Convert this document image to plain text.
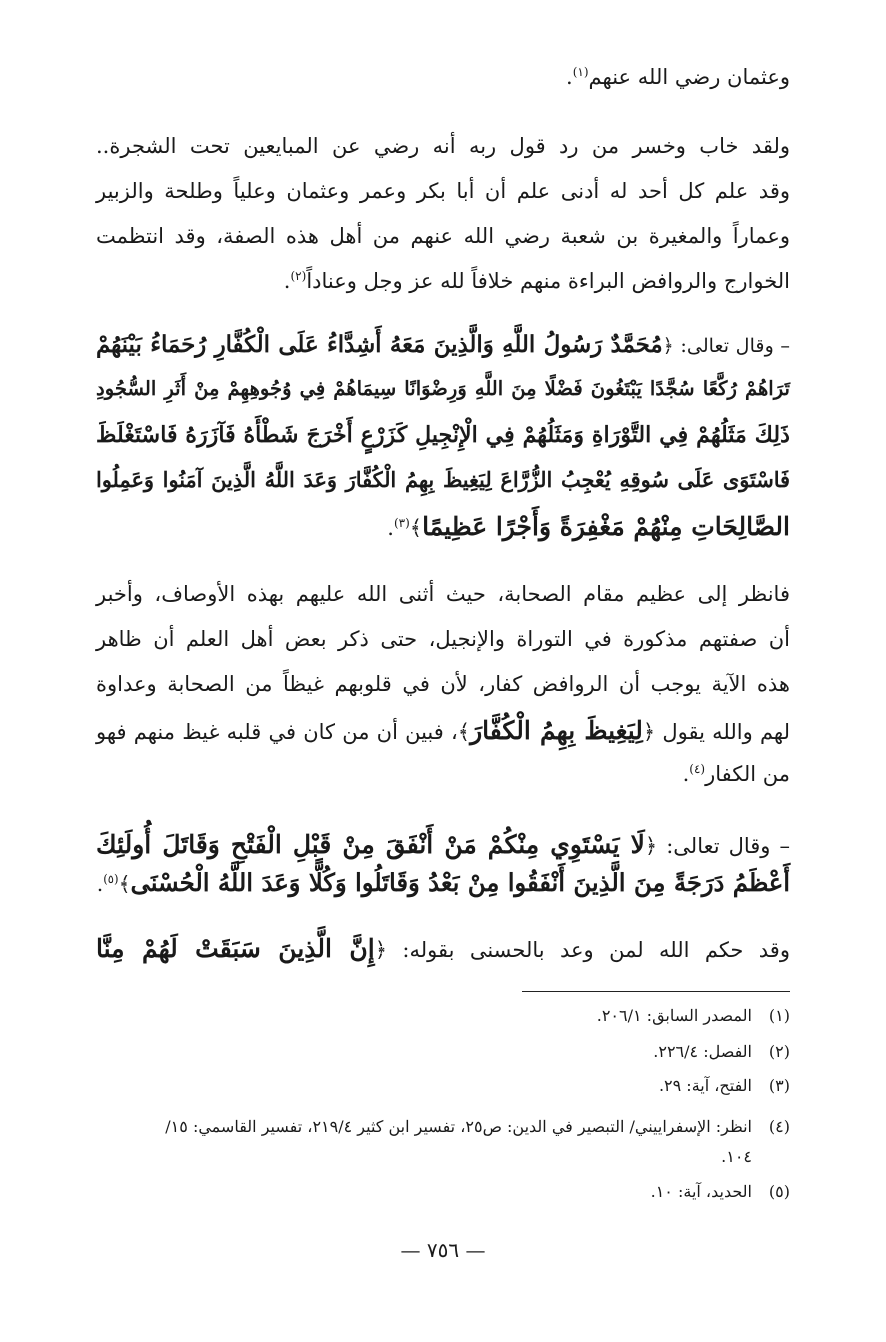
وعثمان رضي الله عنهم$^{(١)}$.
ولقد خاب وخسر من رد قول ربه أنه رضي عن المبايعين تحت الشجرة..
وقد علم كل أحد له أدنى علم أن أبا بكر وعمر وعثمان وعلياً وطلحة والزبير
وعماراً والمغيرة بن شعبة رضي الله عنهم من أهل هذه الصفة، وقد انتظمت
الخوارج والروافض البراءة منهم خلافاً لله عز وجل وعناداً$^{(٢)}$.
– وقال تعالى: ﴿مُحَمَّدٌ رَسُولُ اللَّهِ وَالَّذِينَ مَعَهُ أَشِدَّاءُ عَلَى الْكُفَّارِ رُحَمَاءُ بَيْنَهُمْ
تَرَاهُمْ رُكَّعًا سُجَّدًا يَبْتَغُونَ فَضْلًا مِنَ اللَّهِ وَرِضْوَانًا سِيمَاهُمْ فِي وُجُوهِهِمْ مِنْ أَثَرِ السُّجُودِ
ذَلِكَ مَثَلُهُمْ فِي التَّوْرَاةِ وَمَثَلُهُمْ فِي الْإِنْجِيلِ كَزَرْعٍ أَخْرَجَ شَطْأَهُ فَآزَرَهُ فَاسْتَغْلَظَ
فَاسْتَوَى عَلَى سُوقِهِ يُعْجِبُ الزُّرَّاعَ لِيَغِيظَ بِهِمُ الْكُفَّارَ وَعَدَ اللَّهُ الَّذِينَ آمَنُوا وَعَمِلُوا
الصَّالِحَاتِ مِنْهُمْ مَغْفِرَةً وَأَجْرًا عَظِيمًا﴾$^{(٣)}$.
فانظر إلى عظيم مقام الصحابة، حيث أثنى الله عليهم بهذه الأوصاف، وأخبر
أن صفتهم مذكورة في التوراة والإنجيل، حتى ذكر بعض أهل العلم أن ظاهر
هذه الآية يوجب أن الروافض كفار، لأن في قلوبهم غيظاً من الصحابة وعداوة
لهم والله يقول ﴿لِيَغِيظَ بِهِمُ الْكُفَّارَ﴾، فبين أن من كان في قلبه غيظ منهم فهو
من الكفار$^{(٤)}$.
– وقال تعالى: ﴿لَا يَسْتَوِي مِنْكُمْ مَنْ أَنْفَقَ مِنْ قَبْلِ الْفَتْحِ وَقَاتَلَ أُولَئِكَ
أَعْظَمُ دَرَجَةً مِنَ الَّذِينَ أَنْفَقُوا مِنْ بَعْدُ وَقَاتَلُوا وَكُلًّا وَعَدَ اللَّهُ الْحُسْنَى﴾$^{(٥)}$.
وقد حكم الله لمن وعد بالحسنى بقوله: ﴿إِنَّ الَّذِينَ سَبَقَتْ لَهُمْ مِنَّا
(١)المصدر السابق: ٢٠٦/١.
(٢)الفصل: ٢٢٦/٤.
(٣)الفتح، آية: ٢٩.
(٤)انظر: الإسفراييني/ التبصير في الدين: ص٢٥، تفسير ابن كثير ٢١٩/٤، تفسير القاسمي: ١٥/
١٠٤.
(٥)الحديد، آية: ١٠.
— ٧٥٦ —
